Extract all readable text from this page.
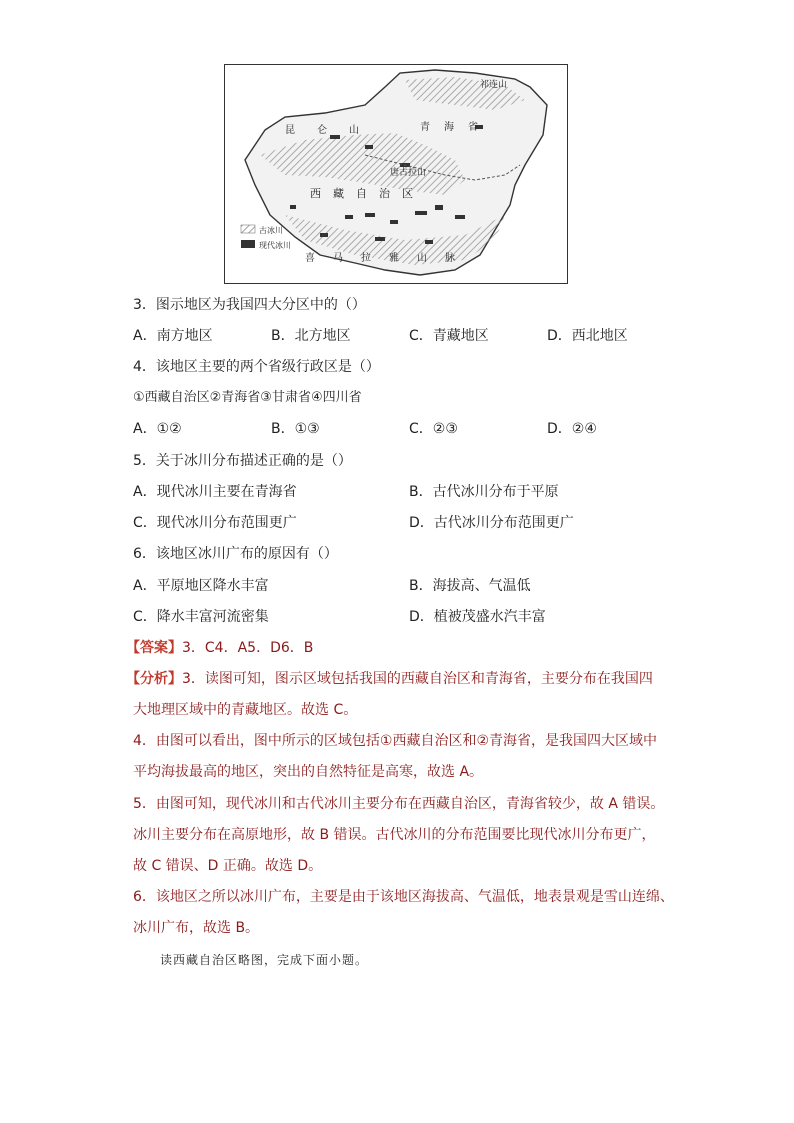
祁连山
青海省
昆仑山
唐古拉山
西藏自治区
喜马拉雅山脉
古冰川
现代冰川
3．图示地区为我国四大分区中的（）
A．南方地区	B．北方地区	C．青藏地区	D．西北地区
4．该地区主要的两个省级行政区是（）
①西藏自治区②青海省③甘肃省④四川省
A．①②	B．①③	C．②③	D．②④
5．关于冰川分布描述正确的是（）
A．现代冰川主要在青海省	B．古代冰川分布于平原
C．现代冰川分布范围更广	D．古代冰川分布范围更广
6．该地区冰川广布的原因有（）
A．平原地区降水丰富	B．海拔高、气温低
C．降水丰富河流密集	D．植被茂盛水汽丰富
【答案】3．C4．A5．D6．B
【分析】3．读图可知，图示区域包括我国的西藏自治区和青海省，主要分布在我国四
大地理区域中的青藏地区。故选 C。
4．由图可以看出，图中所示的区域包括①西藏自治区和②青海省，是我国四大区域中
平均海拔最高的地区，突出的自然特征是高寒，故选 A。
5．由图可知，现代冰川和古代冰川主要分布在西藏自治区，青海省较少，故 A 错误。
冰川主要分布在高原地形，故 B 错误。古代冰川的分布范围要比现代冰川分布更广，
故 C 错误、D 正确。故选 D。
6．该地区之所以冰川广布，主要是由于该地区海拔高、气温低，地表景观是雪山连绵、
冰川广布，故选 B。
读西藏自治区略图，完成下面小题。
